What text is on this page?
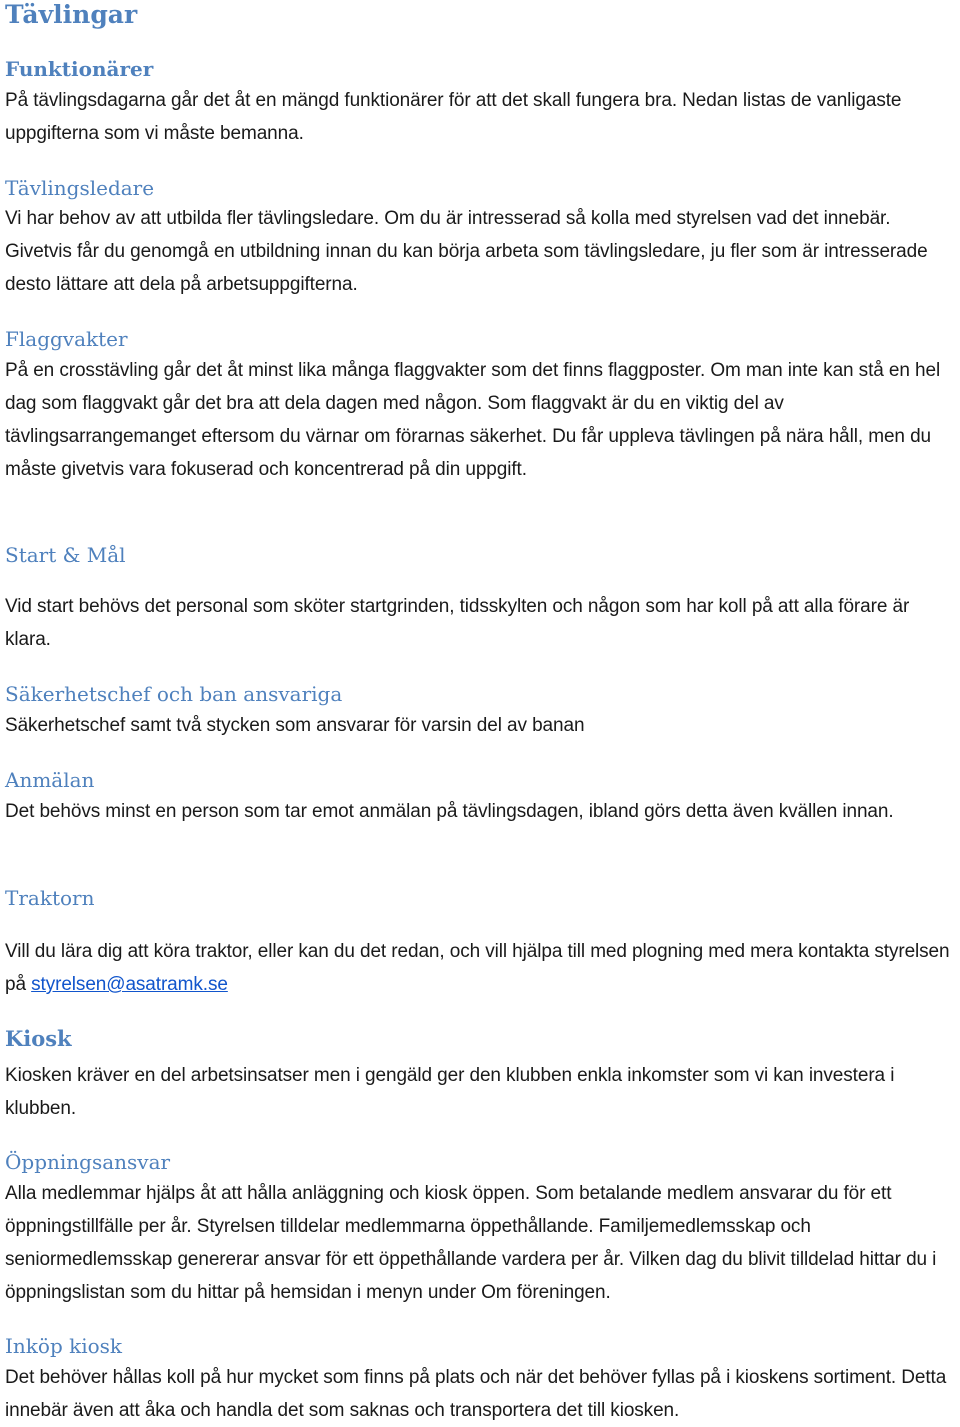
Tävlingar
Funktionärer

På tävlingsdagarna går det åt en mängd funktionärer för att det skall fungera bra. Nedan listas de vanligaste uppgifterna som vi måste bemanna.

Tävlingsledare

Vi har behov av att utbilda fler tävlingsledare. Om du är intresserad så kolla med styrelsen vad det innebär. Givetvis får du genomgå en utbildning innan du kan börja arbeta som tävlingsledare, ju fler som är intresserade desto lättare att dela på arbetsuppgifterna.

Flaggvakter

På en crosstävling går det åt minst lika många flaggvakter som det finns flaggposter. Om man inte kan stå en hel dag som flaggvakt går det bra att dela dagen med någon. Som flaggvakt är du en viktig del av tävlingsarrangemanget eftersom du värnar om förarnas säkerhet. Du får uppleva tävlingen på nära håll, men du måste givetvis vara fokuserad och koncentrerad på din uppgift.

Start & Mål

Vid start behövs det personal som sköter startgrinden, tidsskylten och någon som har koll på att alla förare är klara.

Säkerhetschef och ban ansvariga

Säkerhetschef samt två stycken som ansvarar för varsin del av banan

Anmälan

Det behövs minst en person som tar emot anmälan på tävlingsdagen, ibland görs detta även kvällen innan.

Traktorn

Vill du lära dig att köra traktor, eller kan du det redan, och vill hjälpa till med plogning med mera kontakta styrelsen på styrelsen@asatramk.se

Kiosk

Kiosken kräver en del arbetsinsatser men i gengäld ger den klubben enkla inkomster som vi kan investera i klubben.

Öppningsansvar

Alla medlemmar hjälps åt att hålla anläggning och kiosk öppen. Som betalande medlem ansvarar du för ett öppningstillfälle per år. Styrelsen tilldelar medlemmarna öppethållande. Familjemedlemsskap och seniormedlemsskap genererar ansvar för ett öppethållande vardera per år. Vilken dag du blivit tilldelad hittar du i öppningslistan som du hittar på hemsidan i menyn under Om föreningen.

Inköp kiosk

Det behöver hållas koll på hur mycket som finns på plats och när det behöver fyllas på i kioskens sortiment. Detta innebär även att åka och handla det som saknas och transportera det till kiosken.
